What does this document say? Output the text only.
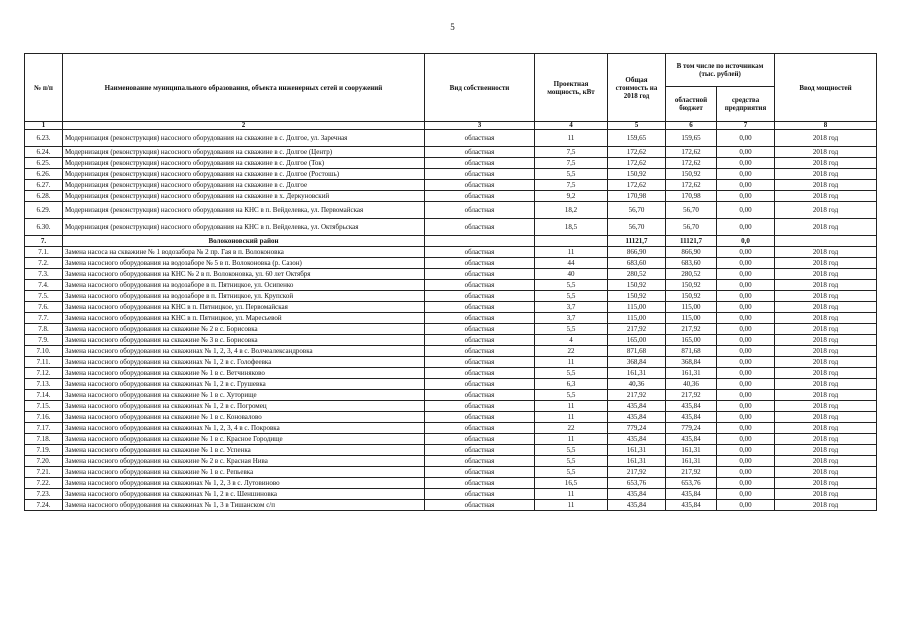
5
№ п/п	Наименование муниципального образования, объекта инженерных сетей и сооружений	Вид собственности	Проектная мощность, кВт	Общая стоимость на 2018 год	В том числе по источникам (тыс. рублей)		Ввод мощностей
					областной бюджет	средства предприятия	
1	2	3	4	5	6	7	8
6.23.	Модернизация (реконструкция) насосного оборудования на скважине в с. Долгое, ул. Заречная	областная	11	159,65	159,65	0,00	2018 год
6.24.	Модернизация (реконструкция) насосного оборудования на скважине в с. Долгое (Центр)	областная	7,5	172,62	172,62	0,00	2018 год
6.25.	Модернизация (реконструкция) насосного оборудования на скважине в с. Долгое (Ток)	областная	7,5	172,62	172,62	0,00	2018 год
6.26.	Модернизация (реконструкция) насосного оборудования на скважине в с. Долгое (Ростошь)	областная	5,5	150,92	150,92	0,00	2018 год
6.27.	Модернизация (реконструкция) насосного оборудования на скважине в с. Долгое	областная	7,5	172,62	172,62	0,00	2018 год
6.28.	Модернизация (реконструкция) насосного оборудования на скважине в х. Деркуновский	областная	9,2	170,98	170,98	0,00	2018 год
6.29.	Модернизация (реконструкция) насосного оборудования на КНС в п. Вейделевка, ул. Первомайская	областная	18,2	56,70	56,70	0,00	2018 год
6.30.	Модернизация (реконструкция) насосного оборудования на КНС в п. Вейделевка, ул. Октябрьская	областная	18,5	56,70	56,70	0,00	2018 год
7.	Волоконовский район			11121,7	11121,7	0,0	
7.1.	Замена насоса на скважине № 1 водозабора № 2 пр. Гая в п. Волоконовка	областная	11	866,90	866,90	0,00	2018 год
7.2.	Замена насосного оборудования на водозаборе № 5 в п. Волоконовка (р. Сазон)	областная	44	683,60	683,60	0,00	2018 год
7.3.	Замена насосного оборудования на КНС № 2 в п. Волоконовка, ул. 60 лет Октября	областная	40	280,52	280,52	0,00	2018 год
7.4.	Замена насосного оборудования на водозаборе в п. Пятницкое, ул. Осипенко	областная	5,5	150,92	150,92	0,00	2018 год
7.5.	Замена насосного оборудования на водозаборе в п. Пятницкое, ул. Крупской	областная	5,5	150,92	150,92	0,00	2018 год
7.6.	Замена насосного оборудования на КНС в п. Пятницкое, ул. Первомайская	областная	3,7	115,00	115,00	0,00	2018 год
7.7.	Замена насосного оборудования на КНС в п. Пятницкое, ул. Маресьевой	областная	3,7	115,00	115,00	0,00	2018 год
7.8.	Замена насосного оборудования на скважине № 2 в с. Борисовка	областная	5,5	217,92	217,92	0,00	2018 год
7.9.	Замена насосного оборудования на скважине № 3 в с. Борисовка	областная	4	165,00	165,00	0,00	2018 год
7.10.	Замена насосного оборудования на скважинах № 1, 2, 3, 4 в с. Волчеалександровка	областная	22	871,68	871,68	0,00	2018 год
7.11.	Замена насосного оборудования на скважинах № 1, 2 в с. Голофеевка	областная	11	368,84	368,84	0,00	2018 год
7.12.	Замена насосного оборудования на скважине № 1 в с. Ветчиняково	областная	5,5	161,31	161,31	0,00	2018 год
7.13.	Замена насосного оборудования на скважинах № 1, 2 в с. Грушевка	областная	6,3	40,36	40,36	0,00	2018 год
7.14.	Замена насосного оборудования на скважине № 1 в с. Хуторище	областная	5,5	217,92	217,92	0,00	2018 год
7.15.	Замена насосного оборудования на скважинах № 1, 2 в с. Погромец	областная	11	435,84	435,84	0,00	2018 год
7.16.	Замена насосного оборудования на скважине № 1 в с. Коновалово	областная	11	435,84	435,84	0,00	2018 год
7.17.	Замена насосного оборудования на скважинах № 1, 2, 3, 4 в с. Покровка	областная	22	779,24	779,24	0,00	2018 год
7.18.	Замена насосного оборудования на скважине № 1 в с. Красное Городище	областная	11	435,84	435,84	0,00	2018 год
7.19.	Замена насосного оборудования на скважине № 1 в с. Успенка	областная	5,5	161,31	161,31	0,00	2018 год
7.20.	Замена насосного оборудования на скважине № 2 в с. Красная Нива	областная	5,5	161,31	161,31	0,00	2018 год
7.21.	Замена насосного оборудования на скважине № 1 в с. Репьевка	областная	5,5	217,92	217,92	0,00	2018 год
7.22.	Замена насосного оборудования на скважинах № 1, 2, 3 в с. Лутовиново	областная	16,5	653,76	653,76	0,00	2018 год
7.23.	Замена насосного оборудования на скважинах № 1, 2 в с. Шеншиновка	областная	11	435,84	435,84	0,00	2018 год
7.24.	Замена насосного оборудования на скважинах № 1, 3 в Тишанском с/п	областная	11	435,84	435,84	0,00	2018 год
